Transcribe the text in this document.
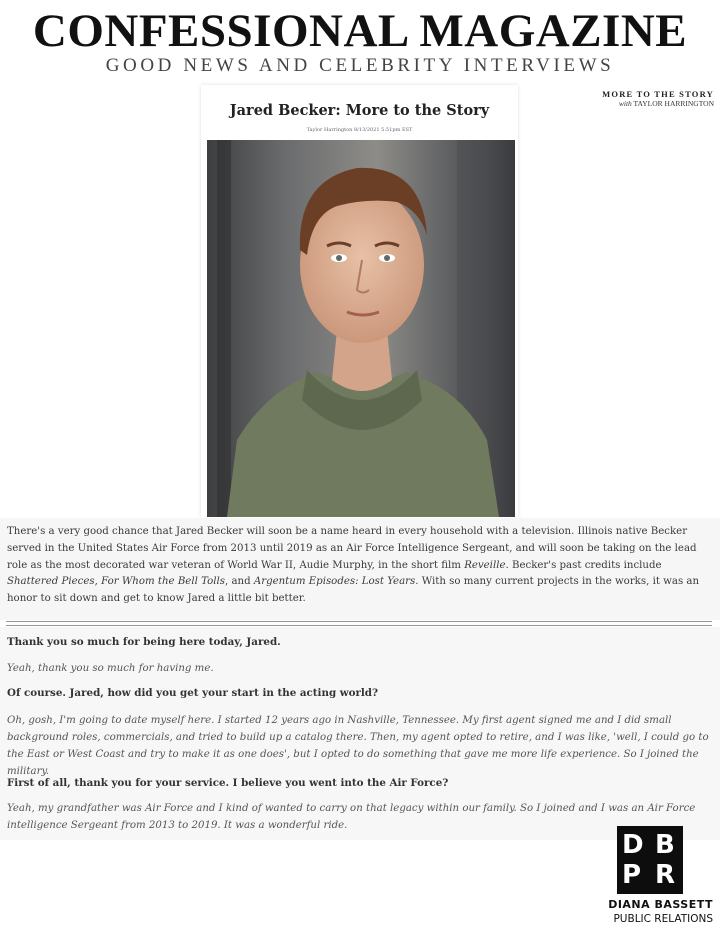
CONFESSIONAL MAGAZINE
GOOD NEWS AND CELEBRITY INTERVIEWS
MORE TO THE STORY
with TAYLOR HARRINGTON
Jared Becker: More to the Story
Taylor Harrington 8/13/2021 5:51pm EST

There's a very good chance that Jared Becker will soon be a name heard in every household with a television. Illinois native Becker served in the United States Air Force from 2013 until 2019 as an Air Force Intelligence Sergeant, and will soon be taking on the lead role as the most decorated war veteran of World War II, Audie Murphy, in the short film Reveille. Becker's past credits include Shattered Pieces, For Whom the Bell Tolls, and Argentum Episodes: Lost Years. With so many current projects in the works, it was an honor to sit down and get to know Jared a little bit better.

Thank you so much for being here today, Jared.
Yeah, thank you so much for having me.
Of course. Jared, how did you get your start in the acting world?
Oh, gosh, I'm going to date myself here. I started 12 years ago in Nashville, Tennessee. My first agent signed me and I did small background roles, commercials, and tried to build up a catalog there. Then, my agent opted to retire, and I was like, 'well, I could go to the East or West Coast and try to make it as one does', but I opted to do something that gave me more life experience. So I joined the military.
First of all, thank you for your service. I believe you went into the Air Force?
Yeah, my grandfather was Air Force and I kind of wanted to carry on that legacy within our family. So I joined and I was an Air Force intelligence Sergeant from 2013 to 2019. It was a wonderful ride.
D B
P R
DIANA BASSETT
PUBLIC RELATIONS
